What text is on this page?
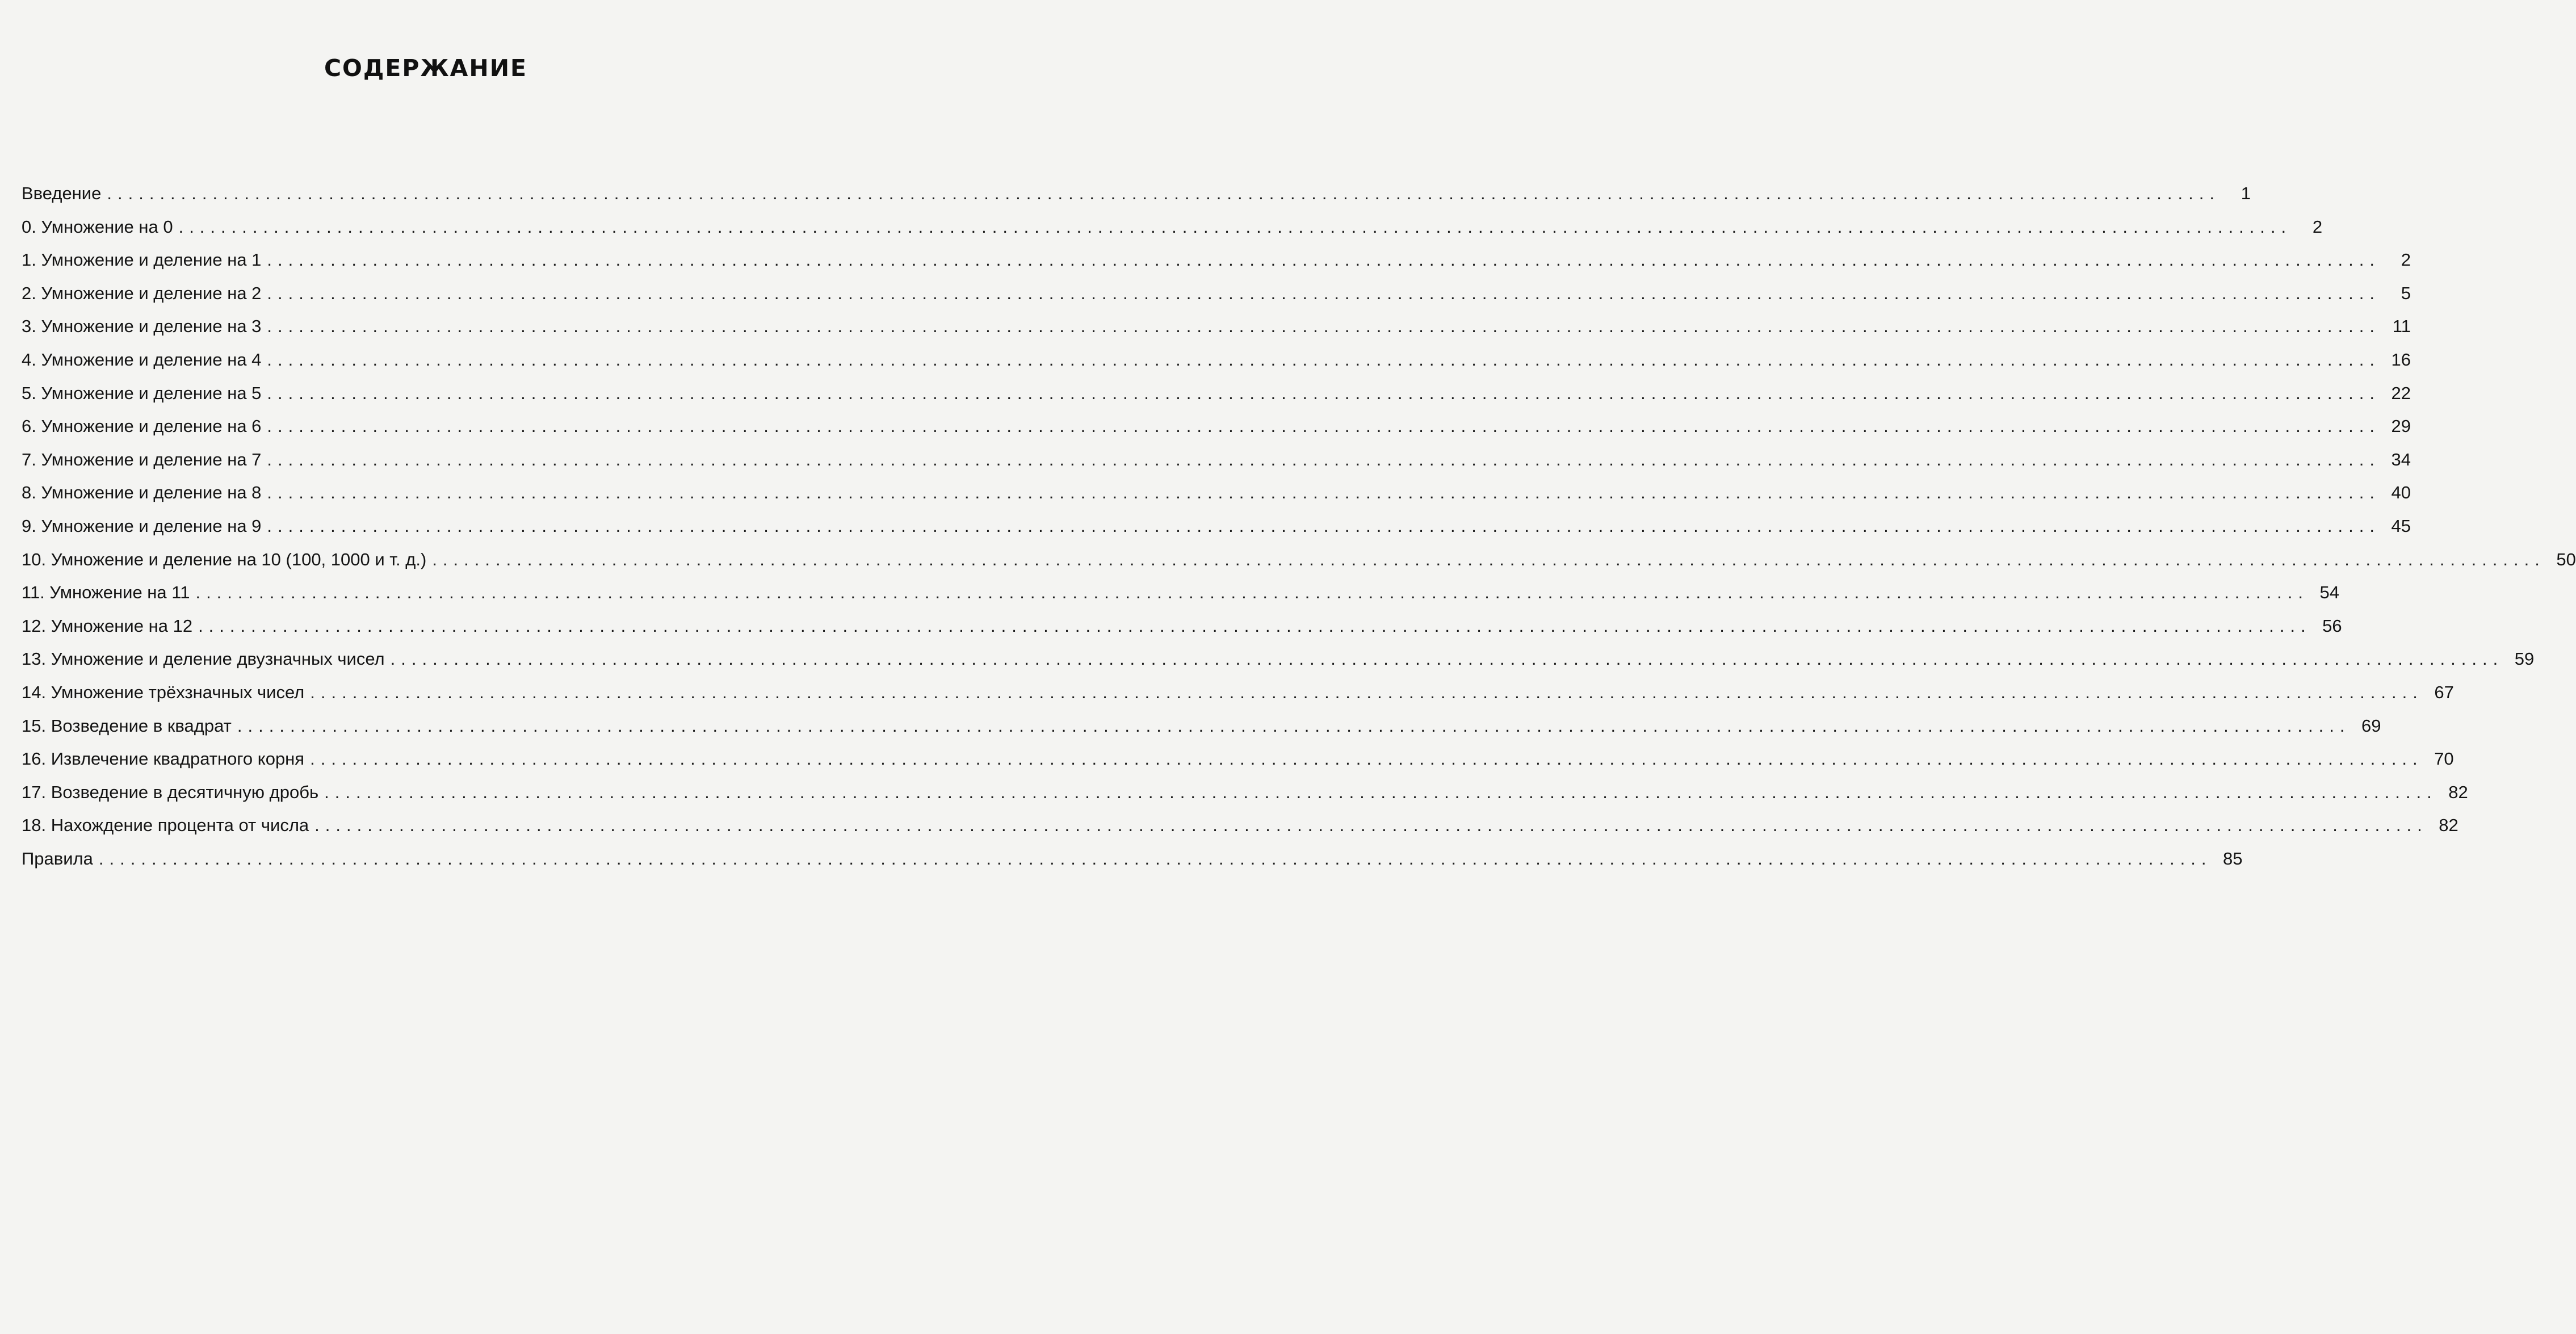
СОДЕРЖАНИЕ
Введение ........................................................................................................................................................................................................	1
0. Умножение на 0 ........................................................................................................................................................................................................	2
1. Умножение и деление на 1 ........................................................................................................................................................................................................	2
2. Умножение и деление на 2 ........................................................................................................................................................................................................	5
3. Умножение и деление на 3 ........................................................................................................................................................................................................ 11
4. Умножение и деление на 4 ........................................................................................................................................................................................................ 16
5. Умножение и деление на 5 ........................................................................................................................................................................................................ 22
6. Умножение и деление на 6 ........................................................................................................................................................................................................ 29
7. Умножение и деление на 7 ........................................................................................................................................................................................................ 34
8. Умножение и деление на 8 ........................................................................................................................................................................................................ 40
9. Умножение и деление на 9 ........................................................................................................................................................................................................ 45
10. Умножение и деление на 10 (100, 1000 и т. д.) ........................................................................................................................................................................................................ 50
11. Умножение на 11 ........................................................................................................................................................................................................ 54
12. Умножение на 12 ........................................................................................................................................................................................................ 56
13. Умножение и деление двузначных чисел ........................................................................................................................................................................................................ 59
14. Умножение трёхзначных чисел ........................................................................................................................................................................................................ 67
15. Возведение в квадрат ........................................................................................................................................................................................................ 69
16. Извлечение квадратного корня ........................................................................................................................................................................................................ 70
17. Возведение в десятичную дробь ........................................................................................................................................................................................................ 82
18. Нахождение процента от числа ........................................................................................................................................................................................................ 82
Правила ........................................................................................................................................................................................................ 85
